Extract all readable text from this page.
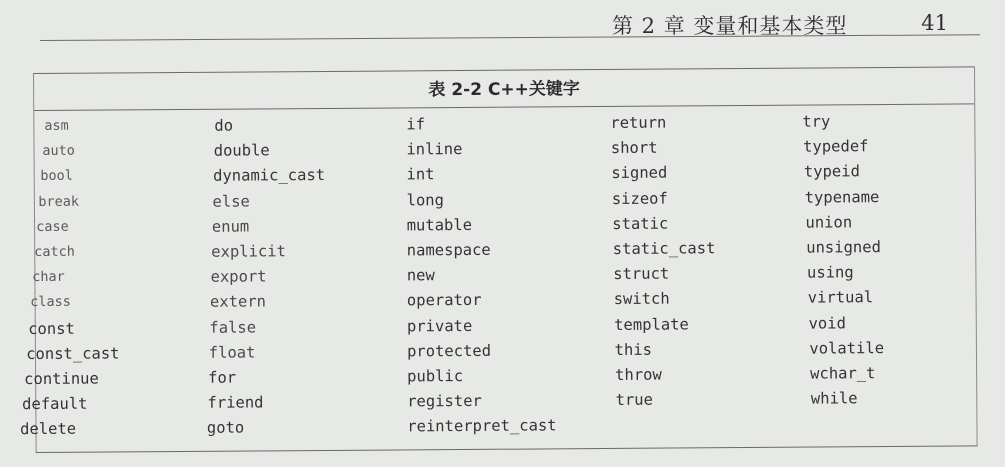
第 2 章 变量和基本类型	41
表 2-2 C++关键字
asm
auto
bool
break
case
catch
char
class
const
const_cast
continue
default
delete
do
double
dynamic_cast
else
enum
explicit
export
extern
false
float
for
friend
goto
if
inline
int
long
mutable
namespace
new
operator
private
protected
public
register
reinterpret_cast
return
short
signed
sizeof
static
static_cast
struct
switch
template
this
throw
true
try
typedef
typeid
typename
union
unsigned
using
virtual
void
volatile
wchar_t
while
